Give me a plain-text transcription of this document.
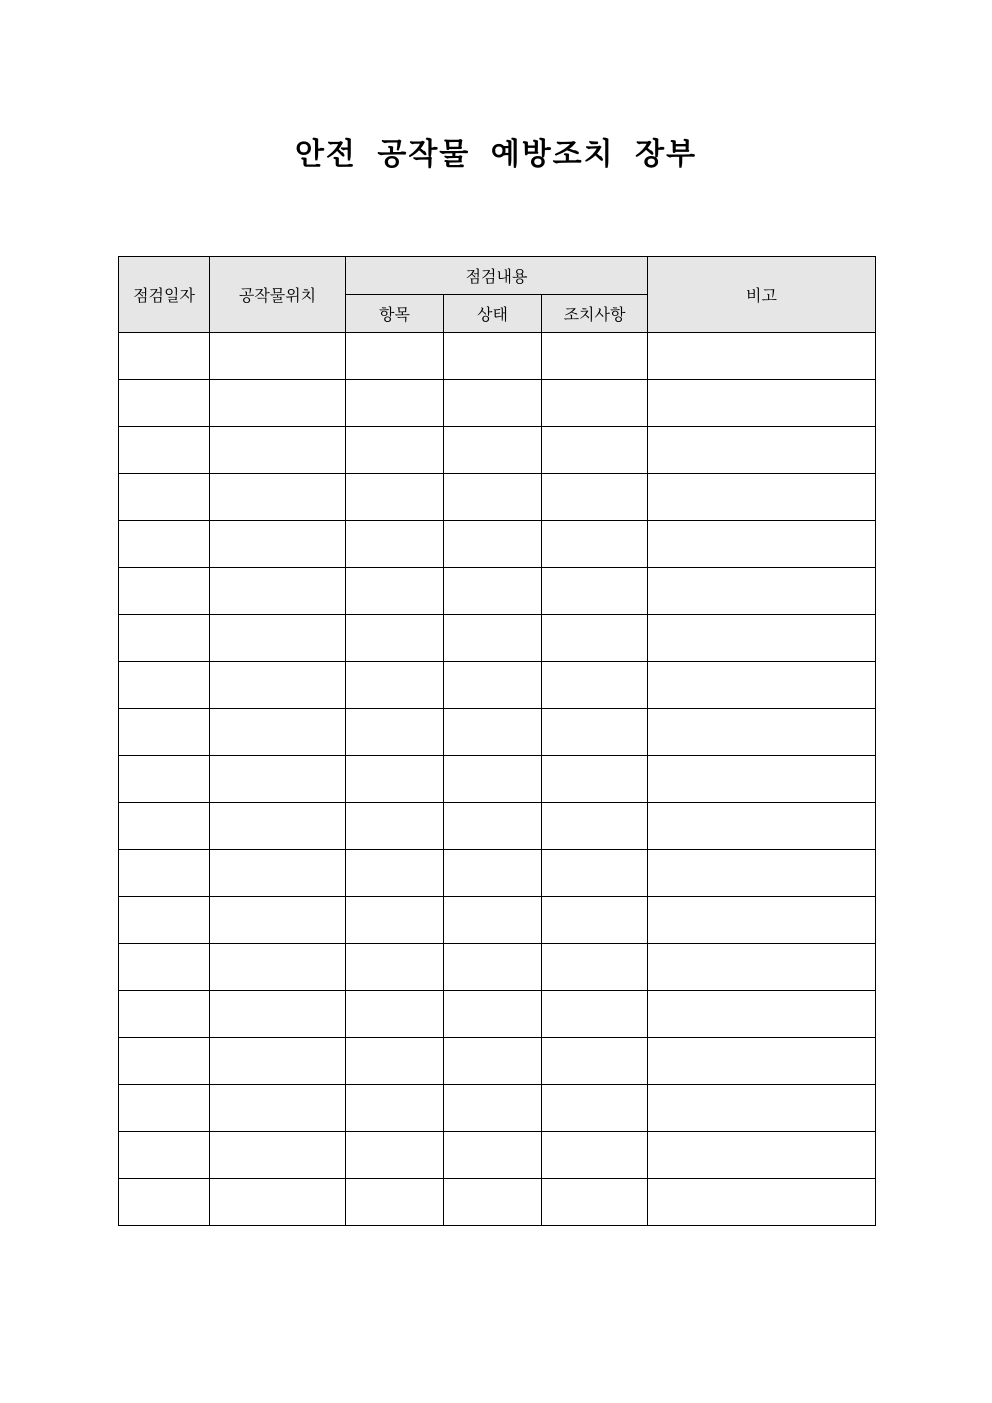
안전 공작물 예방조치 장부
점검일자	공작물위치	점검내용			비고
		항목	상태	조치사항	
